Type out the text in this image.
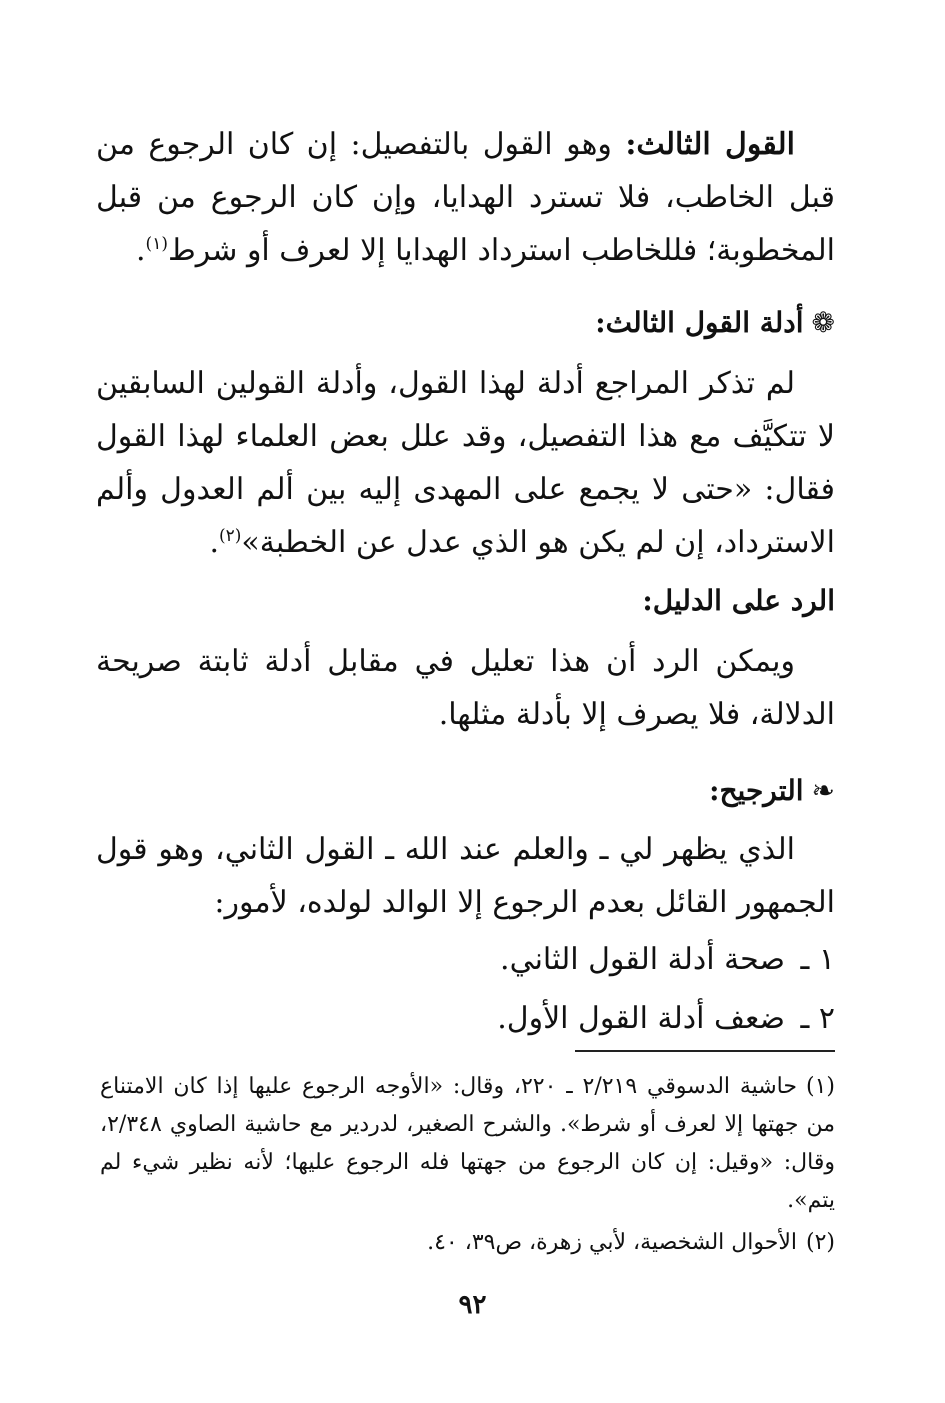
القول الثالث: وهو القول بالتفصيل: إن كان الرجوع من قبل الخاطب، فلا تسترد الهدايا، وإن كان الرجوع من قبل المخطوبة؛ فللخاطب استرداد الهدايا إلا لعرف أو شرط$^{(١)}$.

❁أدلة القول الثالث:

لم تذكر المراجع أدلة لهذا القول، وأدلة القولين السابقين لا تتكيَّف مع هذا التفصيل، وقد علل بعض العلماء لهذا القول فقال: «حتى لا يجمع على المهدى إليه بين ألم العدول وألم الاسترداد، إن لم يكن هو الذي عدل عن الخطبة»$^{(٢)}$.

الرد على الدليل:

ويمكن الرد أن هذا تعليل في مقابل أدلة ثابتة صريحة الدلالة، فلا يصرف إلا بأدلة مثلها.

❧الترجيح:

الذي يظهر لي ـ والعلم عند الله ـ القول الثاني، وهو قول الجمهور القائل بعدم الرجوع إلا الوالد لولده، لأمور:

١ ـصحة أدلة القول الثاني.

٢ ـضعف أدلة القول الأول.

(١)حاشية الدسوقي ٢/٢١٩ ـ ٢٢٠، وقال: «الأوجه الرجوع عليها إذا كان الامتناع من جهتها إلا لعرف أو شرط». والشرح الصغير، لدردير مع حاشية الصاوي ٢/٣٤٨، وقال: «وقيل: إن كان الرجوع من جهتها فله الرجوع عليها؛ لأنه نظير شيء لم يتم».

(٢)الأحوال الشخصية، لأبي زهرة، ص٣٩، ٤٠.

٩٢
